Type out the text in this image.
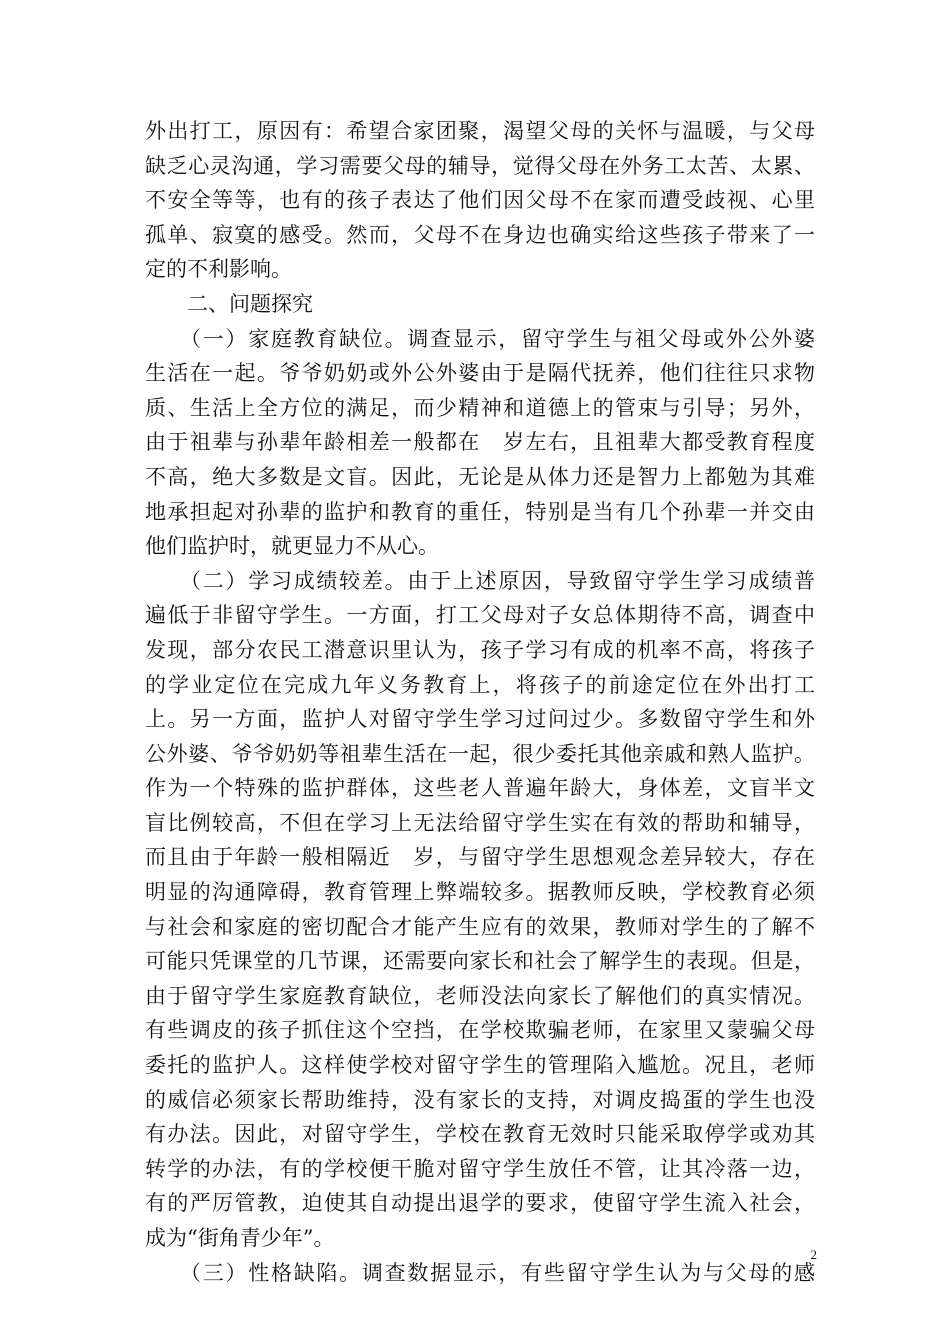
外出打工，原因有：希望合家团聚，渴望父母的关怀与温暖，与父母
缺乏心灵沟通，学习需要父母的辅导，觉得父母在外务工太苦、太累、
不安全等等，也有的孩子表达了他们因父母不在家而遭受歧视、心里
孤单、寂寞的感受。然而，父母不在身边也确实给这些孩子带来了一
定的不利影响。
　　二、问题探究
　　（一）家庭教育缺位。调查显示，留守学生与祖父母或外公外婆
生活在一起。爷爷奶奶或外公外婆由于是隔代抚养，他们往往只求物
质、生活上全方位的满足，而少精神和道德上的管束与引导；另外，
由于祖辈与孙辈年龄相差一般都在　岁左右，且祖辈大都受教育程度
不高，绝大多数是文盲。因此，无论是从体力还是智力上都勉为其难
地承担起对孙辈的监护和教育的重任，特别是当有几个孙辈一并交由
他们监护时，就更显力不从心。
　　（二）学习成绩较差。由于上述原因，导致留守学生学习成绩普
遍低于非留守学生。一方面，打工父母对子女总体期待不高，调查中
发现，部分农民工潜意识里认为，孩子学习有成的机率不高，将孩子
的学业定位在完成九年义务教育上，将孩子的前途定位在外出打工
上。另一方面，监护人对留守学生学习过问过少。多数留守学生和外
公外婆、爷爷奶奶等祖辈生活在一起，很少委托其他亲戚和熟人监护。
作为一个特殊的监护群体，这些老人普遍年龄大，身体差，文盲半文
盲比例较高，不但在学习上无法给留守学生实在有效的帮助和辅导，
而且由于年龄一般相隔近　岁，与留守学生思想观念差异较大，存在
明显的沟通障碍，教育管理上弊端较多。据教师反映，学校教育必须
与社会和家庭的密切配合才能产生应有的效果，教师对学生的了解不
可能只凭课堂的几节课，还需要向家长和社会了解学生的表现。但是，
由于留守学生家庭教育缺位，老师没法向家长了解他们的真实情况。
有些调皮的孩子抓住这个空挡，在学校欺骗老师，在家里又蒙骗父母
委托的监护人。这样使学校对留守学生的管理陷入尴尬。况且，老师
的威信必须家长帮助维持，没有家长的支持，对调皮捣蛋的学生也没
有办法。因此，对留守学生，学校在教育无效时只能采取停学或劝其
转学的办法，有的学校便干脆对留守学生放任不管，让其冷落一边，
有的严厉管教，迫使其自动提出退学的要求，使留守学生流入社会，
成为“街角青少年”。
　　（三）性格缺陷。调查数据显示，有些留守学生认为与父母的感
2
